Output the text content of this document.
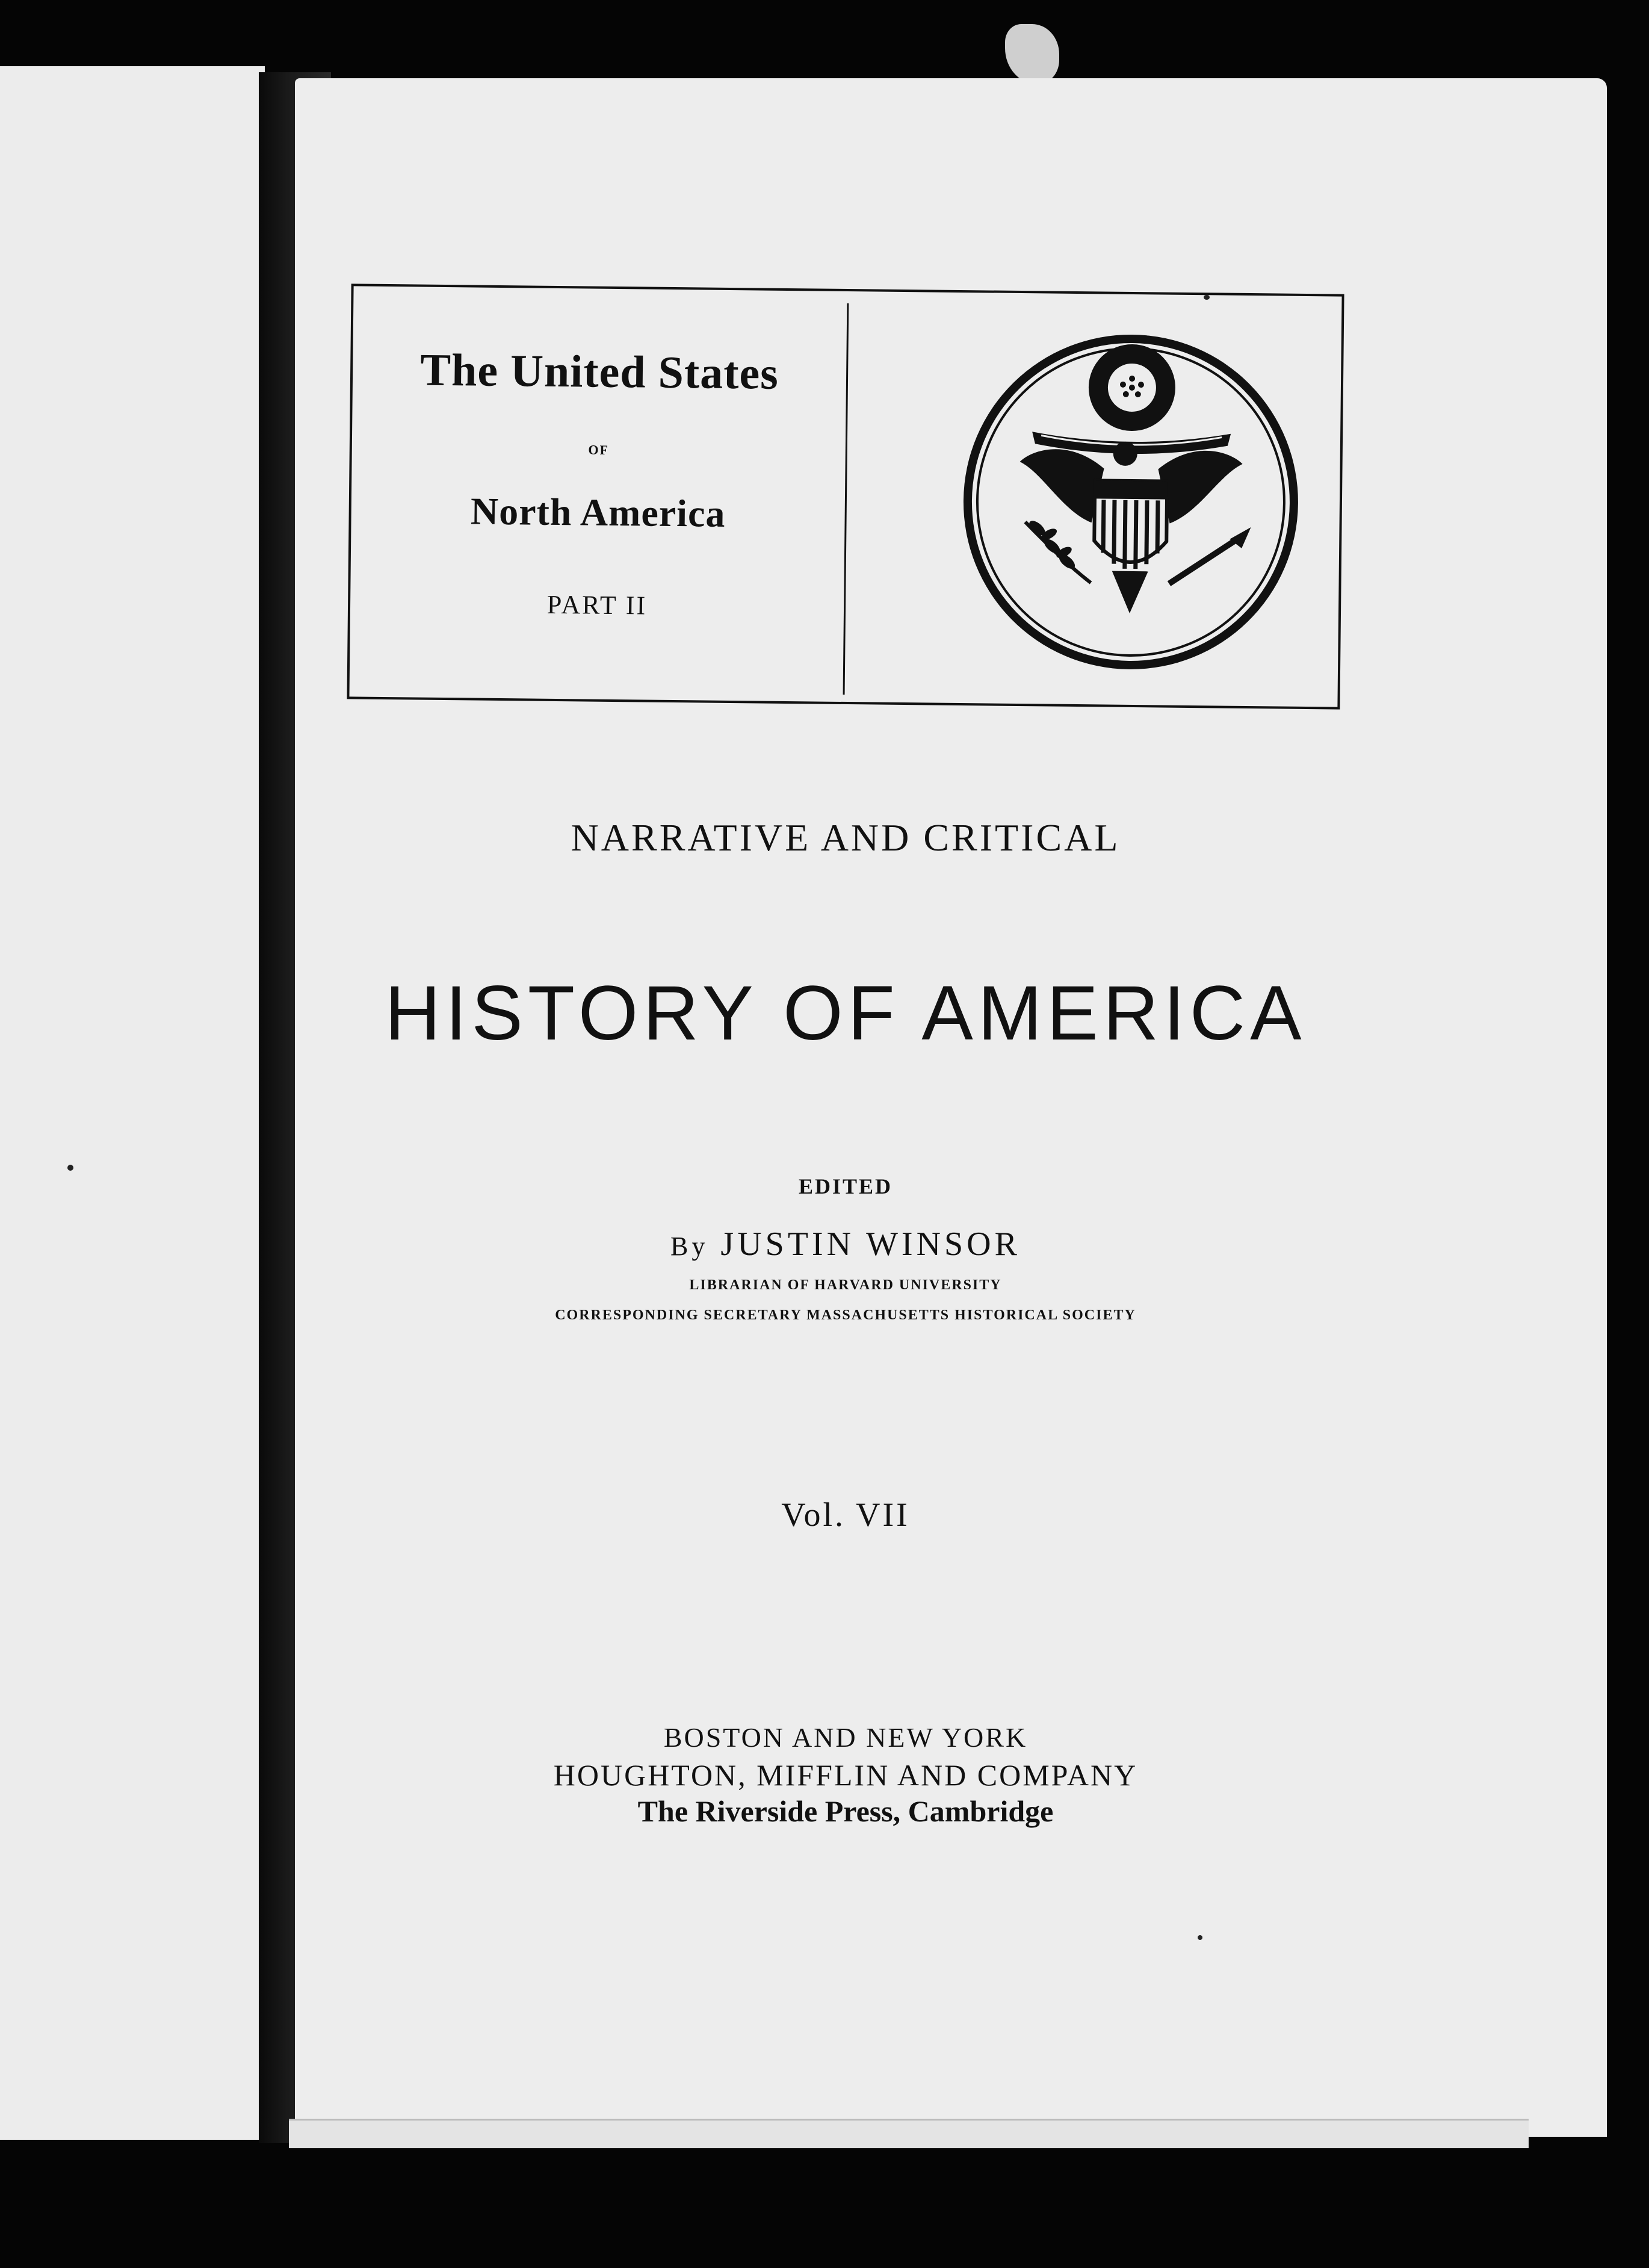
The United States
OF
North America
PART II
NARRATIVE AND CRITICAL
HISTORY OF AMERICA
EDITED
By JUSTIN WINSOR
LIBRARIAN OF HARVARD UNIVERSITY
CORRESPONDING SECRETARY MASSACHUSETTS HISTORICAL SOCIETY
Vol. VII
BOSTON AND NEW YORK
HOUGHTON, MIFFLIN AND COMPANY
The Riverside Press, Cambridge
